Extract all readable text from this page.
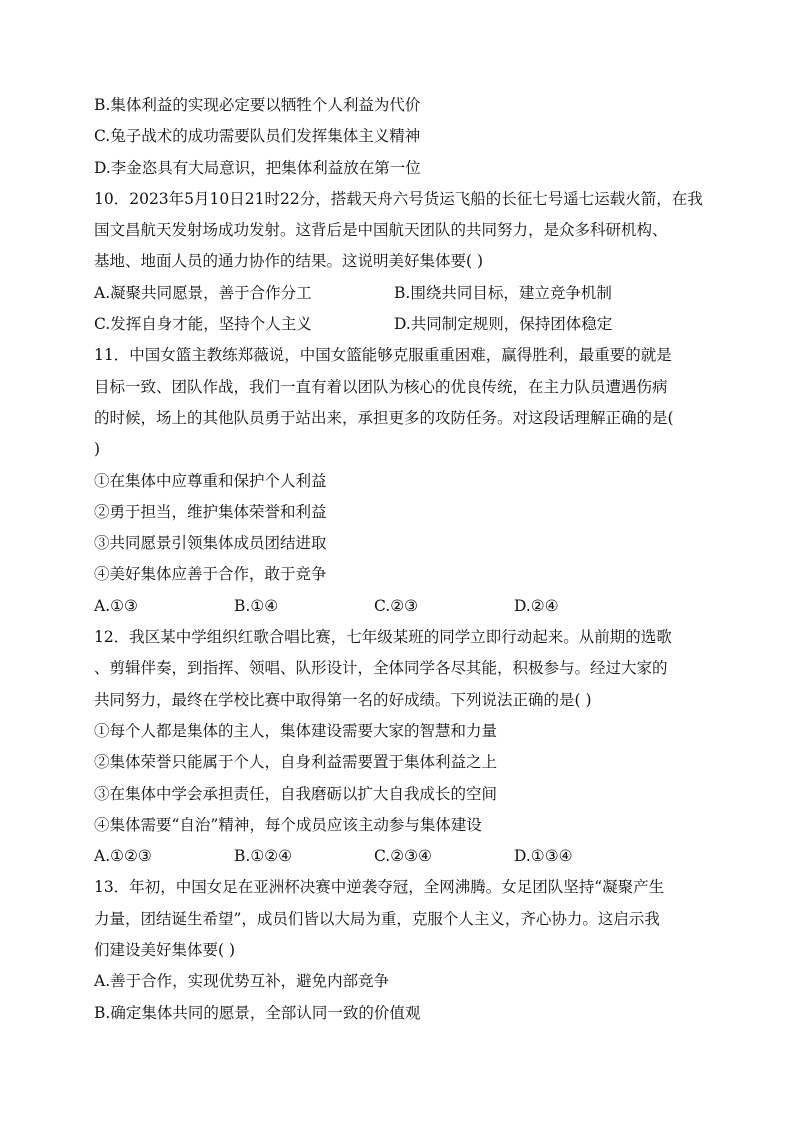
B.集体利益的实现必定要以牺牲个人利益为代价
C.兔子战术的成功需要队员们发挥集体主义精神
D.李金恣具有大局意识，把集体利益放在第一位
10．2023年5月10日21时22分，搭载天舟六号货运飞船的长征七号遥七运载火箭，在我
国文昌航天发射场成功发射。这背后是中国航天团队的共同努力，是众多科研机构、
基地、地面人员的通力协作的结果。这说明美好集体要( )
A.凝聚共同愿景，善于合作分工	B.围绕共同目标，建立竞争机制
C.发挥自身才能，坚持个人主义	D.共同制定规则，保持团体稳定
11．中国女篮主教练郑薇说，中国女篮能够克服重重困难，赢得胜利，最重要的就是
目标一致、团队作战，我们一直有着以团队为核心的优良传统，在主力队员遭遇伤病
的时候，场上的其他队员勇于站出来，承担更多的攻防任务。对这段话理解正确的是(
)
①在集体中应尊重和保护个人利益
②勇于担当，维护集体荣誉和利益
③共同愿景引领集体成员团结进取
④美好集体应善于合作，敢于竞争
A.①③	B.①④	C.②③	D.②④
12．我区某中学组织红歌合唱比赛，七年级某班的同学立即行动起来。从前期的选歌
、剪辑伴奏，到指挥、领唱、队形设计，全体同学各尽其能，积极参与。经过大家的
共同努力，最终在学校比赛中取得第一名的好成绩。下列说法正确的是( )
①每个人都是集体的主人，集体建设需要大家的智慧和力量
②集体荣誉只能属于个人，自身利益需要置于集体利益之上
③在集体中学会承担责任，自我磨砺以扩大自我成长的空间
④集体需要“自治”精神，每个成员应该主动参与集体建设
A.①②③	B.①②④	C.②③④	D.①③④
13．年初，中国女足在亚洲杯决赛中逆袭夺冠，全网沸腾。女足团队坚持“凝聚产生
力量，团结诞生希望”，成员们皆以大局为重，克服个人主义，齐心协力。这启示我
们建设美好集体要( )
A.善于合作，实现优势互补，避免内部竞争
B.确定集体共同的愿景，全部认同一致的价值观
